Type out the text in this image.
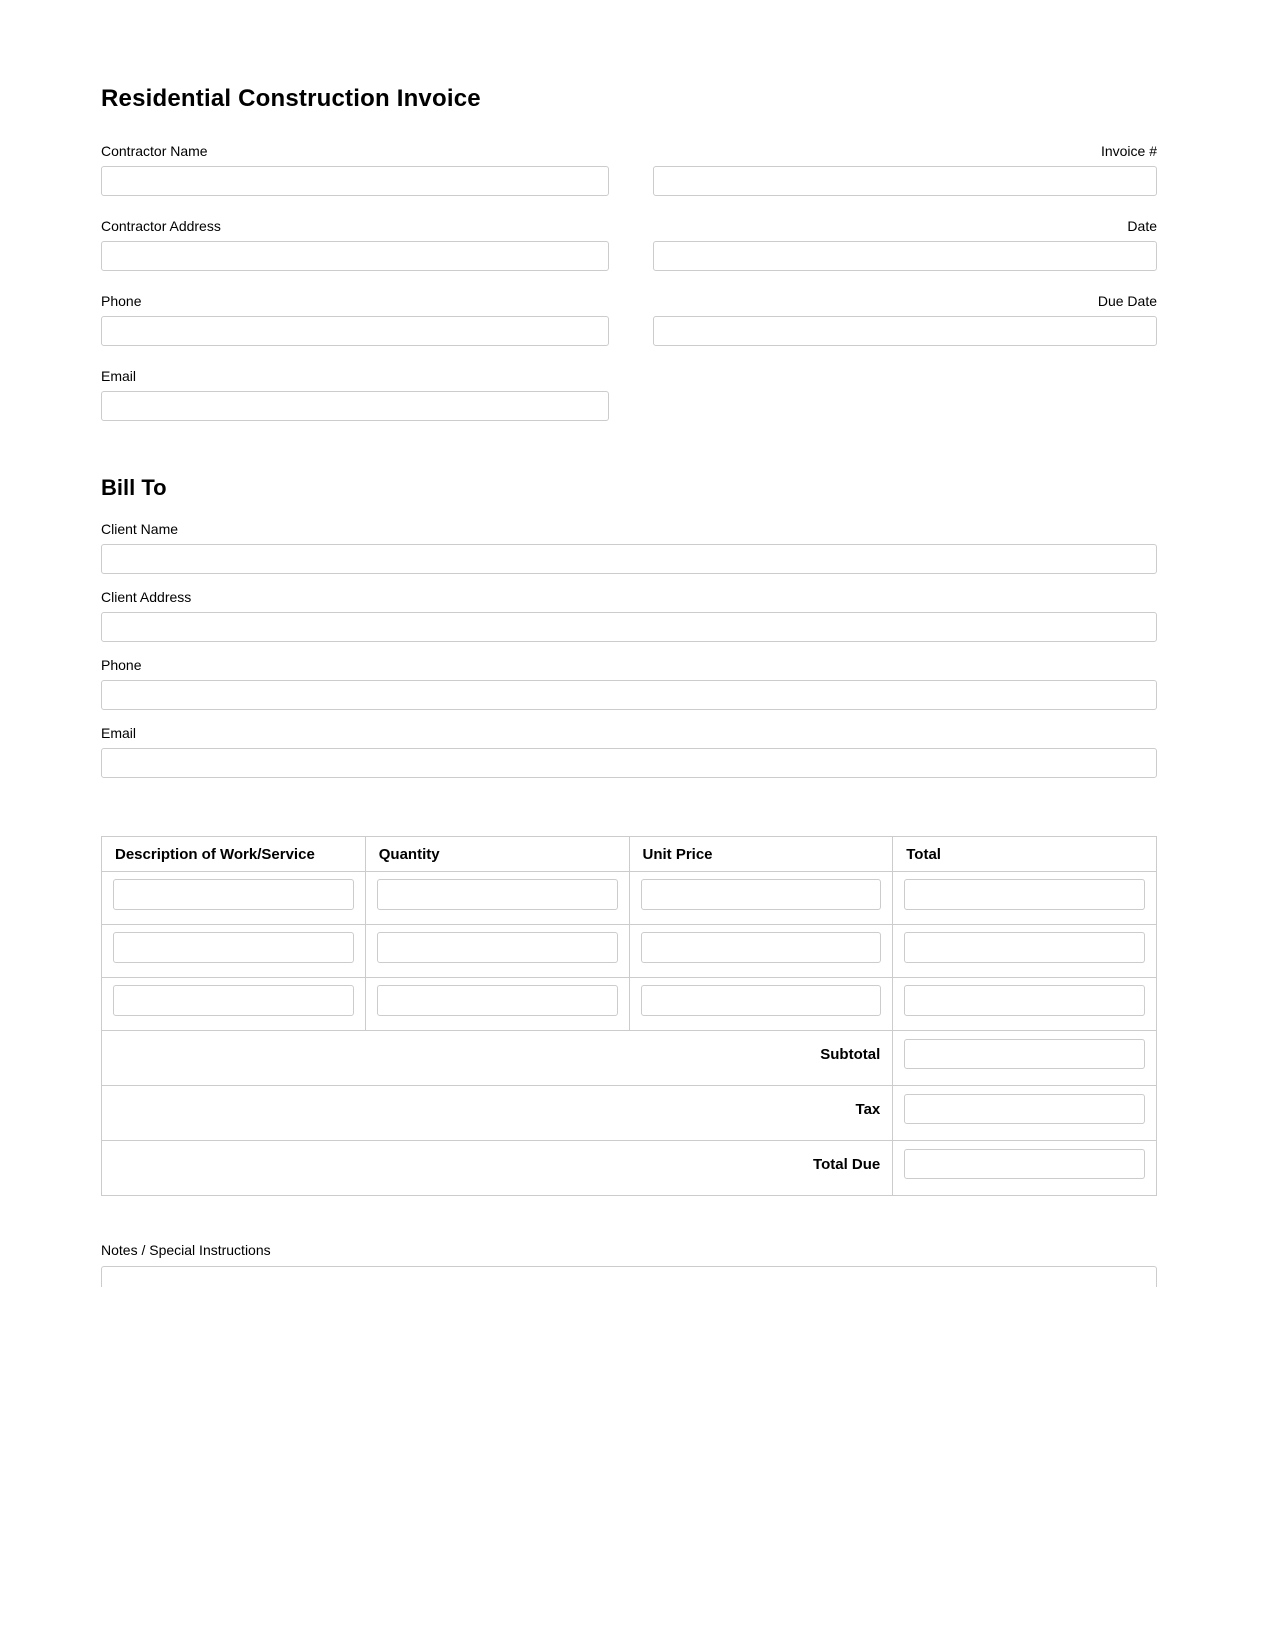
Residential Construction Invoice
Contractor Name
Contractor Address
Phone
Email
Invoice #
Date
Due Date
Bill To
Client Name
Client Address
Phone
Email
Description of Work/Service	Quantity	Unit Price	Total

Subtotal	

Tax	

Total Due	
Notes / Special Instructions
